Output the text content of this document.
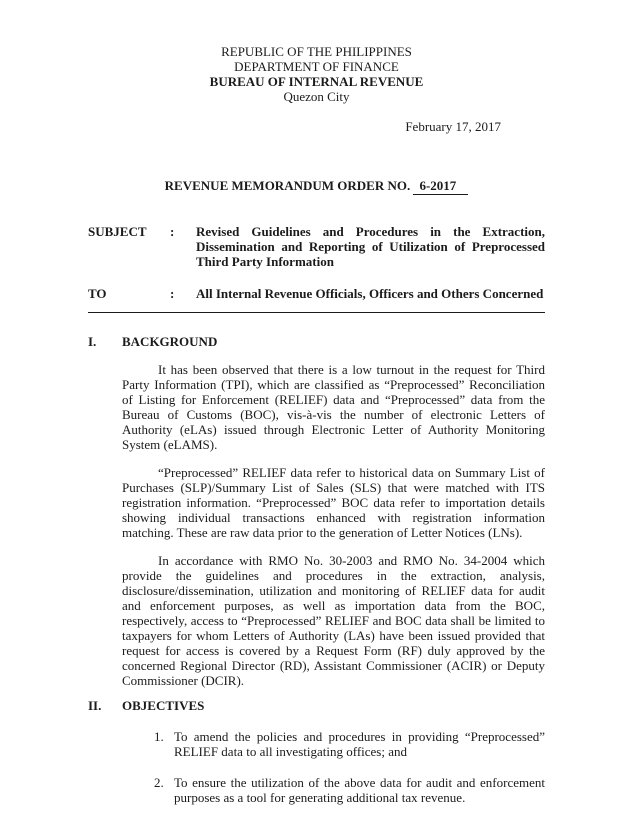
REPUBLIC OF THE PHILIPPINES
DEPARTMENT OF FINANCE
BUREAU OF INTERNAL REVENUE
Quezon City
February 17, 2017
REVENUE MEMORANDUM ORDER NO. 6-2017
SUBJECT	:	Revised Guidelines and Procedures in the Extraction, Dissemination and Reporting of Utilization of Preprocessed Third Party Information
TO	:	All Internal Revenue Officials, Officers and Others Concerned
I.	BACKGROUND

It has been observed that there is a low turnout in the request for Third Party Information (TPI), which are classified as “Preprocessed” Reconciliation of Listing for Enforcement (RELIEF) data and “Preprocessed” data from the Bureau of Customs (BOC), vis-à-vis the number of electronic Letters of Authority (eLAs) issued through Electronic Letter of Authority Monitoring System (eLAMS).

“Preprocessed” RELIEF data refer to historical data on Summary List of Purchases (SLP)/Summary List of Sales (SLS) that were matched with ITS registration information. “Preprocessed” BOC data refer to importation details showing individual transactions enhanced with registration information matching. These are raw data prior to the generation of Letter Notices (LNs).

In accordance with RMO No. 30-2003 and RMO No. 34-2004 which provide the guidelines and procedures in the extraction, analysis, disclosure/dissemination, utilization and monitoring of RELIEF data for audit and enforcement purposes, as well as importation data from the BOC, respectively, access to “Preprocessed” RELIEF and BOC data shall be limited to taxpayers for whom Letters of Authority (LAs) have been issued provided that request for access is covered by a Request Form (RF) duly approved by the concerned Regional Director (RD), Assistant Commissioner (ACIR) or Deputy Commissioner (DCIR).

II.	OBJECTIVES
1. To amend the policies and procedures in providing “Preprocessed” RELIEF data to all investigating offices; and
2. To ensure the utilization of the above data for audit and enforcement purposes as a tool for generating additional tax revenue.
